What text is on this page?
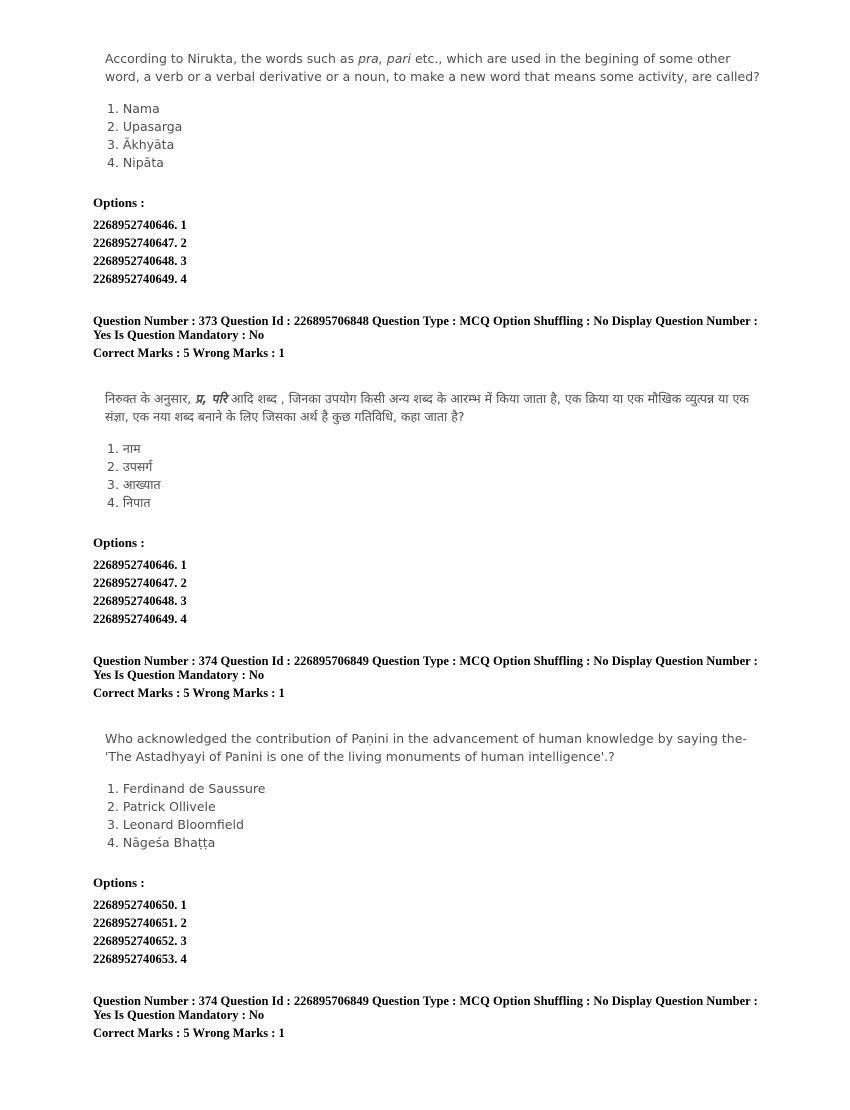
According to Nirukta, the words such as pra, pari etc., which are used in the begining of some other word, a verb or a verbal derivative or a noun, to make a new word that means some activity, are called?

1. Nama
2. Upasarga
3. Ākhyāta
4. Nipāta
Options :
2268952740646. 1
2268952740647. 2
2268952740648. 3
2268952740649. 4
Question Number : 373 Question Id : 226895706848 Question Type : MCQ Option Shuffling : No Display Question Number : Yes Is Question Mandatory : No
Correct Marks : 5 Wrong Marks : 1

निरुक्त के अनुसार, प्र, परि आदि शब्द , जिनका उपयोग किसी अन्य शब्द के आरम्भ में किया जाता है, एक क्रिया या एक मौखिक व्युत्पन्न या एक संज्ञा, एक नया शब्द बनाने के लिए जिसका अर्थ है कुछ गतिविधि, कहा जाता है?

1. नाम
2. उपसर्ग
3. आख्यात
4. निपात
Options :
2268952740646. 1
2268952740647. 2
2268952740648. 3
2268952740649. 4
Question Number : 374 Question Id : 226895706849 Question Type : MCQ Option Shuffling : No Display Question Number : Yes Is Question Mandatory : No
Correct Marks : 5 Wrong Marks : 1

Who acknowledged the contribution of Paṇini in the advancement of human knowledge by saying the- 'The Astadhyayi of Panini is one of the living monuments of human intelligence'.?

1. Ferdinand de Saussure
2. Patrick Ollivele
3. Leonard Bloomfield
4. Nāgeśa Bhaṭṭa
Options :
2268952740650. 1
2268952740651. 2
2268952740652. 3
2268952740653. 4
Question Number : 374 Question Id : 226895706849 Question Type : MCQ Option Shuffling : No Display Question Number : Yes Is Question Mandatory : No
Correct Marks : 5 Wrong Marks : 1
